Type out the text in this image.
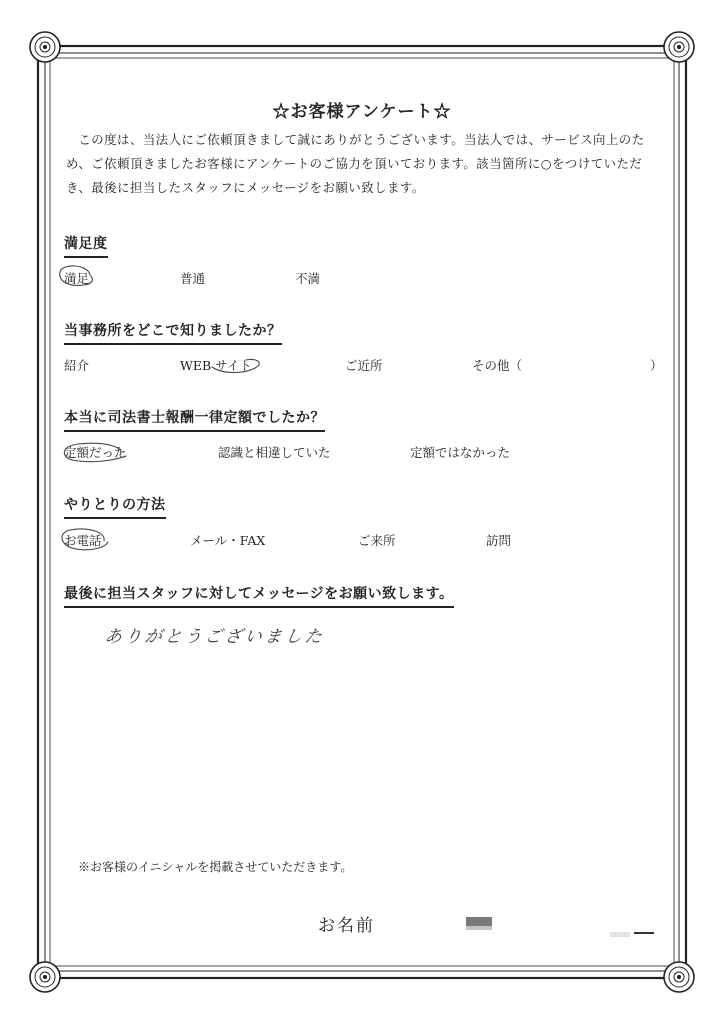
☆お客様アンケート☆

この度は、当法人にご依頼頂きまして誠にありがとうございます。当法人では、サービス向上のため、ご依頼頂きましたお客様にアンケートのご協力を頂いております。該当箇所に○をつけていただき、最後に担当したスタッフにメッセージをお願い致します。

満足度
満足	普通	不満
当事務所をどこで知りましたか？
紹介	WEB サイト	ご近所	その他（	）
本当に司法書士報酬一律定額でしたか？
定額だった	認識と相違していた	定額ではなかった
やりとりの方法
お電話	メール・FAX	ご来所	訪問
最後に担当スタッフに対してメッセージをお願い致します。
ありがとうございました
※お客様のイニシャルを掲載させていただきます。
お名前
